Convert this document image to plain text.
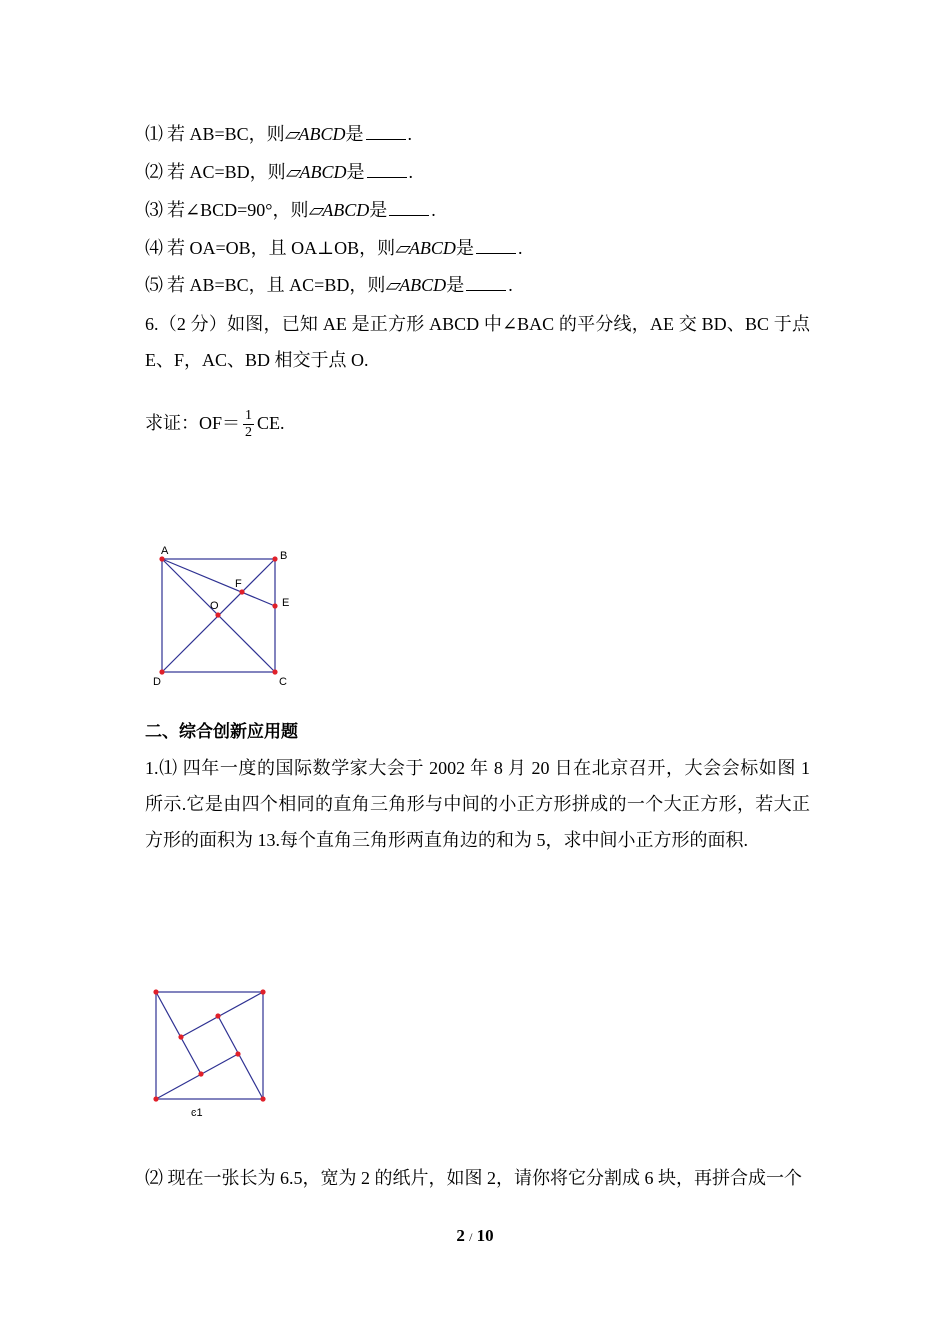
⑴ 若 AB=BC，则▱ABCD是 .
⑵ 若 AC=BD，则▱ABCD是 .
⑶ 若∠BCD=90°，则▱ABCD是 .
⑷ 若 OA=OB，且 OA⊥OB，则▱ABCD是 .
⑸ 若 AB=BC，且 AC=BD，则▱ABCD是 .
6.（2 分）如图，已知 AE 是正方形 ABCD 中∠BAC 的平分线，AE 交 BD、BC 于点 E、F，AC、BD 相交于点 O.
求证：$OF= \frac{1}{2}$ CE.
A	B
C
D
E
F
O
二、综合创新应用题
1.⑴ 四年一度的国际数学家大会于 2002 年 8 月 20 日在北京召开，大会会标如图 1 所示.它是由四个相同的直角三角形与中间的小正方形拼成的一个大正方形，若大正方形的面积为 13.每个直角三角形两直角边的和为 5，求中间小正方形的面积.
ͼ1
⑵ 现在一张长为 6.5，宽为 2 的纸片，如图 2，请你将它分割成 6 块，再拼合成一个
2 / 10
